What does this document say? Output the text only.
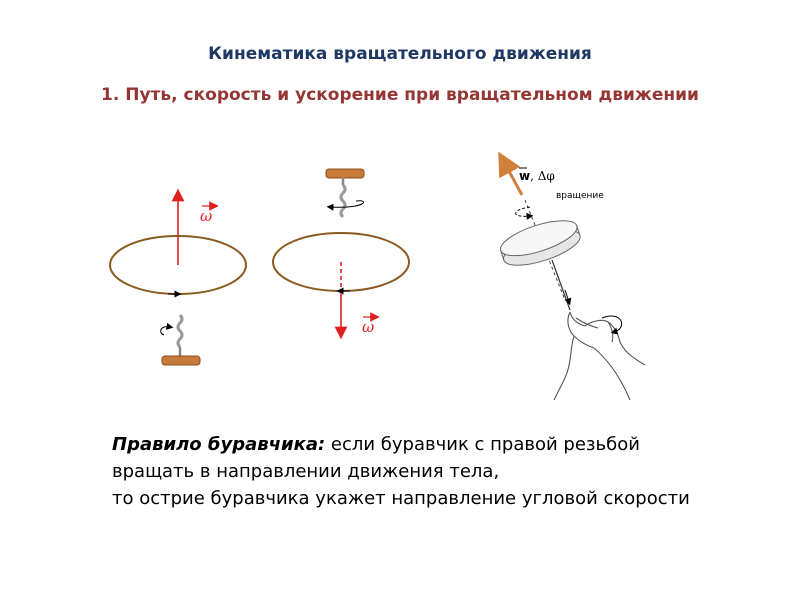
Кинематика вращательного движения
1. Путь, скорость и ускорение при вращательном движении
ω
ω
w, Δφ
вращение
Правило буравчика: если буравчик с правой резьбой
вращать в направлении движения тела,
то острие буравчика укажет направление угловой скорости
